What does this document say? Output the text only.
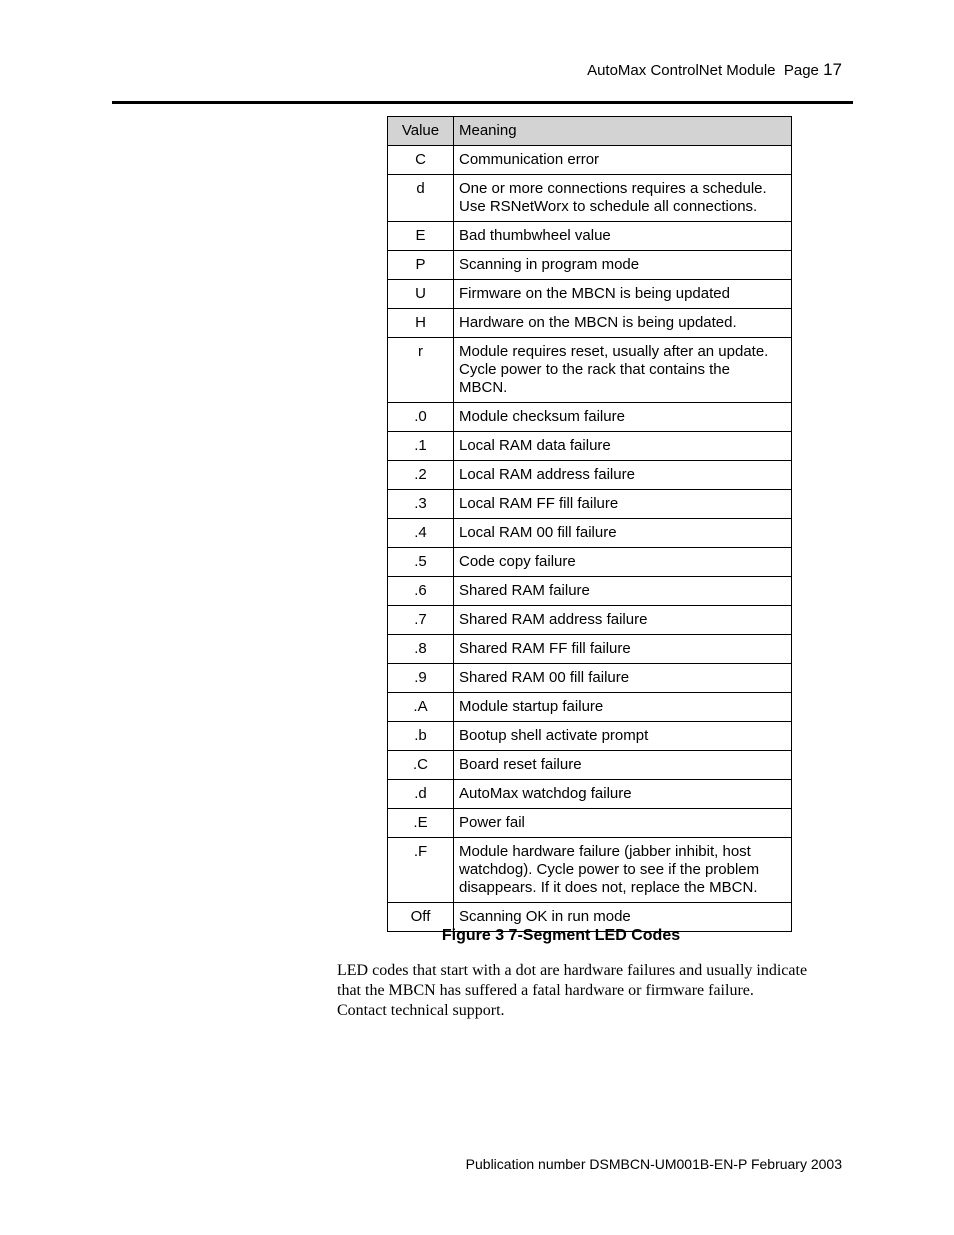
AutoMax ControlNet Module Page 17
Value	Meaning
C	Communication error
d	One or more connections requires a schedule.
Use RSNetWorx to schedule all connections.
E	Bad thumbwheel value
P	Scanning in program mode
U	Firmware on the MBCN is being updated
H	Hardware on the MBCN is being updated.
r	Module requires reset, usually after an update.
Cycle power to the rack that contains the
MBCN.
.0	Module checksum failure
.1	Local RAM data failure
.2	Local RAM address failure
.3	Local RAM FF fill failure
.4	Local RAM 00 fill failure
.5	Code copy failure
.6	Shared RAM failure
.7	Shared RAM address failure
.8	Shared RAM FF fill failure
.9	Shared RAM 00 fill failure
.A	Module startup failure
.b	Bootup shell activate prompt
.C	Board reset failure
.d	AutoMax watchdog failure
.E	Power fail
.F	Module hardware failure (jabber inhibit, host
watchdog). Cycle power to see if the problem
disappears. If it does not, replace the MBCN.
Off	Scanning OK in run mode
Figure 3 7-Segment LED Codes
LED codes that start with a dot are hardware failures and usually indicate
that the MBCN has suffered a fatal hardware or firmware failure.
Contact technical support.
Publication number DSMBCN-UM001B-EN-P February 2003
